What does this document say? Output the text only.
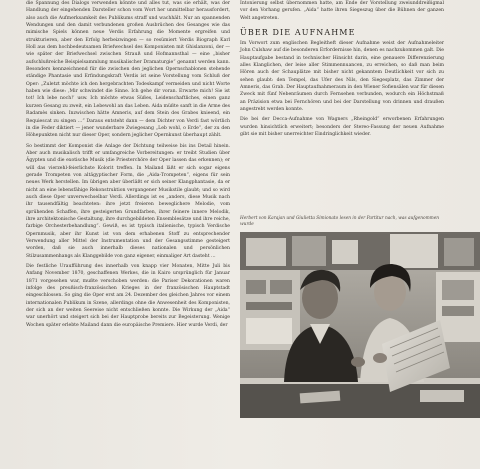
die Spannung des Dialogs verwenden könnte und alles tut, was sie erhält, was der Handlung der eingehenden Darsteller schon vom Wort her unmittelbar herausfordert, also auch die Aufmerksamkeit des Publikums straff und wachhält. Nur an spannenden Wendungen und den damit verbundenen großen Ausbrüchen des Gesanges wie das mimische Spiels können neue Verdis Erfahrung die Momente ergreifen und strukturieren, aber den Erfolg herbeizwingen — so resümiert Verdis Biograph Karl Holl aus dem hochbedeutsamen Briefwechsel des Komponisten mit Ghislanzoni, der — wie später der Briefwechsel zwischen Strauß und Hofmannsthal — eine „bisher aufschlußreiche Beispielsammlung musikalischer Dramaturgie“ genannt werden kann. Besonders kennzeichnend für die zwischen den jeglichen Opernschablonen stehende ständige Phantasie und Erfindungskraft Verdis ist seine Vorstellung vom Schluß der Oper: „Zuletzt möchte ich den hergebrachten Todeskampf vermeiden und nicht Worte haben wie diese: ‚Mir schwindet die Sinne. Ich gehe dir voran. Erwarte mich! Sie ist tot! Ich lebe noch!‘ usw. Ich möchte etwas Süßes, Leidenschaftliches, einen ganz kurzen Gesang zu zweit, ein Lebewohl an das Leben. Aida müßte sanft in die Arme des Radamès sinken. Inzwischen hätte Amneris, auf dem Stein des Grabes knieend, ein Requiescat zu singen …“ Daraus entsteht dann — dem Dichter von Verdi fast wörtlich in die Feder diktiert — jener wunderbare Zwiegesang „Leb wohl, o Erde“, der zu den Höhepunkten nicht nur dieser Oper, sondern jeglicher Opernkunst überhaupt zählt.

So bestimmt der Komponist die Anlage der Dichtung teilweise bis ins Detail hinein. Aber auch musikalisch trifft er umfangreiche Vorbereitungen: er treibt Studien über Ägypten und die exotische Musik (die Priesterchöre der Oper lassen das erkennen); er will das vierzehl-feierlichste Kolorit treffen. In Mailand läßt er sich sogar eigens gerade Trompeten von altägyptischer Form, die „Aida-Trompeten“, eigens für sein neues Werk herstellen. Im übrigen aber überläßt er sich seiner Klangphantasie, da er nicht an eine lebensfähige Rekonstruktion vergangener Musikstile glaubt; und so wird auch diese Oper unverwechselbar Verdi. Allerdings ist es „anders, diese Musik nach ihr tausendfältig beachteten: ihre jetzt freieren beweglichere Melodie, vom sprühenden Schaffen, ihre gesteigerten Grundfarben, ihrer feinere innere Melodik, ihre architektonische Gestaltung, ihre durchgebildeten Ensemblesätze und ihre reiche, farbige Orchesterbehandlung“. Gewiß, es ist typisch italienische, typisch Verdische Opernmusik, aber ihr Kunst ist von dem erhabenen Stoff zu entsprechender Verwendung aller Mittel der Instrumentation und der Gesangsstimme gesteigert worden, daß sie auch innerhalb dieses nationalen und persönlichen Stilzusammenhangs als Klanggebilde von ganz eigener, einmaliger Art dasteht …

Die festliche Uraufführung des innerhalb von knapp vier Monaten, Mitte Juli bis Anfang November 1870, geschaffenen Werkes, die in Kairo ursprünglich für Januar 1871 vorgesehen war, mußte verschoben werden: die Pariser Dekorationen waren infolge des preußisch-französischen Krieges in der französischen Hauptstadt eingeschlossen. So ging die Oper erst am 24. Dezember des gleichen Jahres vor einem internationalen Publikum in Szene, allerdings ohne die Anwesenheit des Komponisten, der sich an der weiten Seereise nicht entschließen konnte. Die Wirkung der „Aida“ war unerhört und steigert sich bei der Hauptprobe bereits zur Begeisterung. Wenige Wochen später erlebte Mailand dann die europäische Premiere. Hier wurde Verdi, der

Intonierung selbst übernommen hatte, am Ende der Vorstellung zweiunddreißigmal vor den Vorhang gerufen. „Aida“ hatte ihren Siegeszug über die Bühnen der ganzen Welt angetreten.

ÜBER DIE AUFNAHME

Im Vorwort zum englischen Begleitheft dieser Aufnahme weist der Aufnahmeleiter John Culshaw auf die besonderen Erfordernisse hin, denen es nachzukommen galt. Die Hauptaufgabe bestand in technischer Hinsicht darin, eine genauere Differenzierung alles Klanglichen, der leise aller Stimmennuancen, zu erreichen, so daß man beim Hören auch der Schauplätze mit bisher nicht gekanntem Deutlichkeit vor sich zu sehen glaubt: den Tempel, das Ufer des Nils, den Siegesplatz, das Zimmer der Amneris, das Grab. Der Hauptaufnahmeraum in den Wiener Sofiensälen war für diesen Zweck mit fünf Nebenräumen durch Fernsehen verbunden, wodurch ein Höchstmaß an Präzision etwa bei Fernchören und bei der Darstellung von drinnen und draußen angestrebt werden konnte.

Die bei der Decca-Aufnahme von Wagners „Rheingold“ erworbenen Erfahrungen wurden hinsichtlich erweitert; besonders der Stereo-Fassung der neuen Aufnahme gibt sie mit bisher unerreichter Eindringlichkeit wieder.

Herbert von Karajan und Giulietta Simionato lesen in der Partitur nach, was aufgenommen wurde
